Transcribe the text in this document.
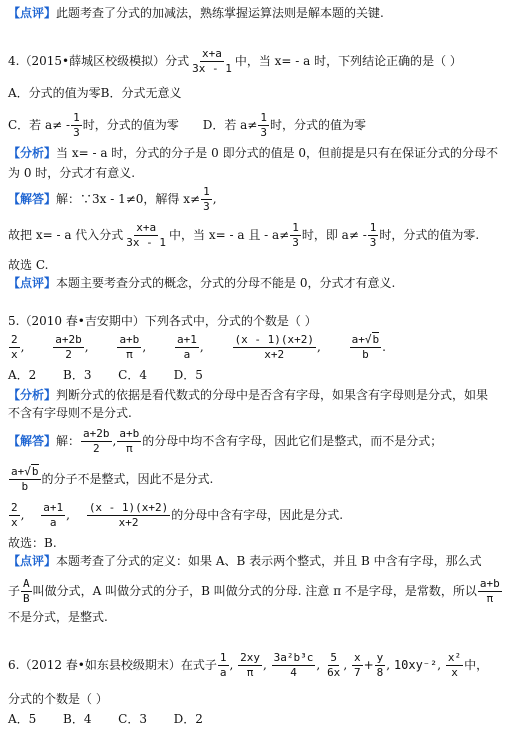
【点评】此题考查了分式的加减法，熟练掌握运算法则是解本题的关键.
4.（2015•薛城区校级模拟）分式 $\frac{x+a}{3x - 1}$ 中，当 x= - a 时，下列结论正确的是（ ）
A．分式的值为零B．分式无意义
C．若 $a\ne - \frac{1}{3}$ 时，分式的值为零 D．若 $a\ne \frac{1}{3}$ 时，分式的值为零
【分析】当 x= - a 时，分式的分子是 0 即分式的值是 0，但前提是只有在保证分式的分母不
为 0 时，分式才有意义.
【解答】解：∵3x - 1≠0，解得 $x\ne \frac{1}{3}$ ,
故把 x= - a 代入分式 $\frac{x+a}{3x - 1}$ 中，当 x= - a 且 - $a\ne \frac{1}{3}$ 时，即 $a\ne - \frac{1}{3}$ 时，分式的值为零.
故选 C.
【点评】本题主要考查分式的概念，分式的分母不能是 0，分式才有意义.
5.（2010 春•吉安期中）下列各式中，分式的个数是（ ）
$\frac{2}{x}$ ,	$\frac{a+2b}{2}$ ,	$\frac{a+b}{\pi}$ ,	$\frac{a+1}{a}$ ,	$\frac{(x - 1)(x+2)}{x+2}$ ,	$\frac{a+√b}{b}$ .
A．2       B．3       C．4       D．5
【分析】判断分式的依据是看代数式的分母中是否含有字母，如果含有字母则是分式，如果
不含有字母则不是分式.
【解答】解： $\frac{a+2b}{2}$ , $\frac{a+b}{\pi}$ 的分母中均不含有字母，因此它们是整式，而不是分式；
$\frac{a+√b}{b}$ 的分子不是整式，因此不是分式.
$\frac{2}{x}$ , $\frac{a+1}{a}$ , $\frac{(x - 1)(x+2)}{x+2}$ 的分母中含有字母，因此是分式.
故选：B.
【点评】本题考查了分式的定义：如果 A、B 表示两个整式，并且 B 中含有字母，那么式
子 $\frac{A}{B}$ 叫做分式，A 叫做分式的分子，B 叫做分式的分母. 注意 π 不是字母，是常数，所以 $\frac{a+b}{\pi}$
不是分式，是整式.
6.（2012 春•如东县校级期末）在式子 $\frac{1}{a}$ , $\frac{2xy}{\pi}$ , $\frac{\text{3a²b³c}}{4}$ , $\frac{5}{6x}$ , $\frac{x}{7} + \frac{y}{8}$ , 10xy⁻², $\frac{\text{x²}}{x}$ 中，
分式的个数是（ ）
A．5       B．4       C．3       D．2
